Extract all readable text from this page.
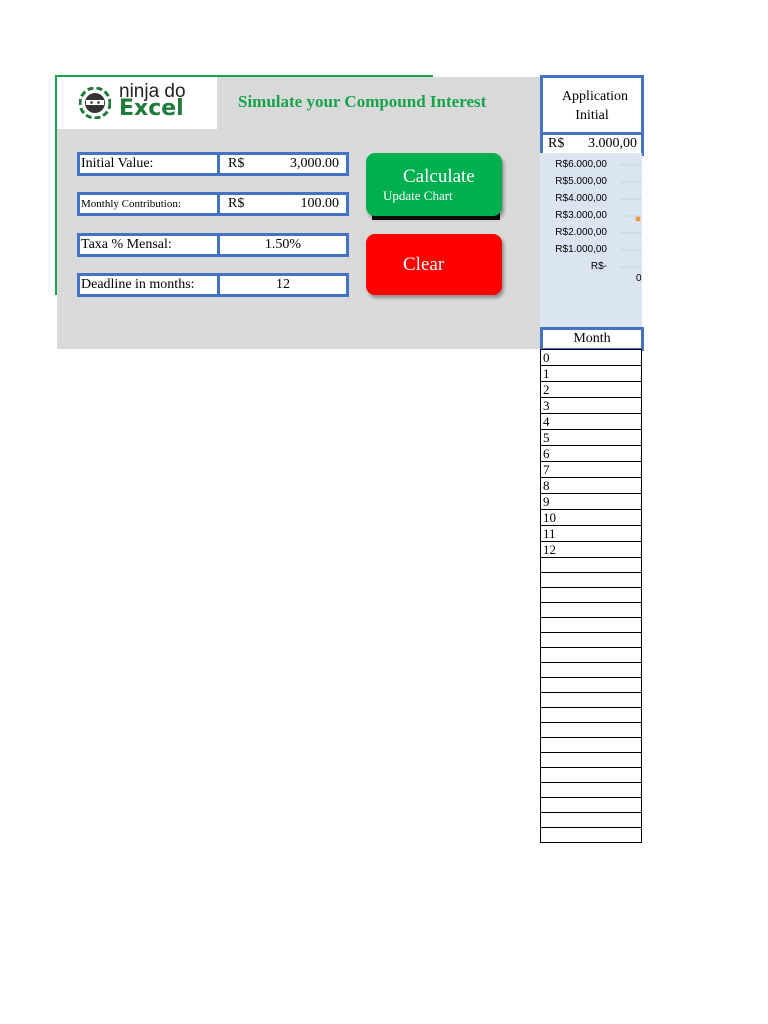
ninja do
Excel	Simulate your Compound Interest
Initial Value:	R$	3,000.00
Monthly Contribution:	R$	100.00
Taxa % Mensal:	1.50%
Deadline in months:	12
Calculate
Update Chart
Clear
Application
Initial
R$ 3.000,00
R$6.000,00
R$5.000,00
R$4.000,00
R$3.000,00
R$2.000,00
R$1.000,00
R$-
0
Month
0
1
2
3
4
5
6
7
8
9
10
11
12
